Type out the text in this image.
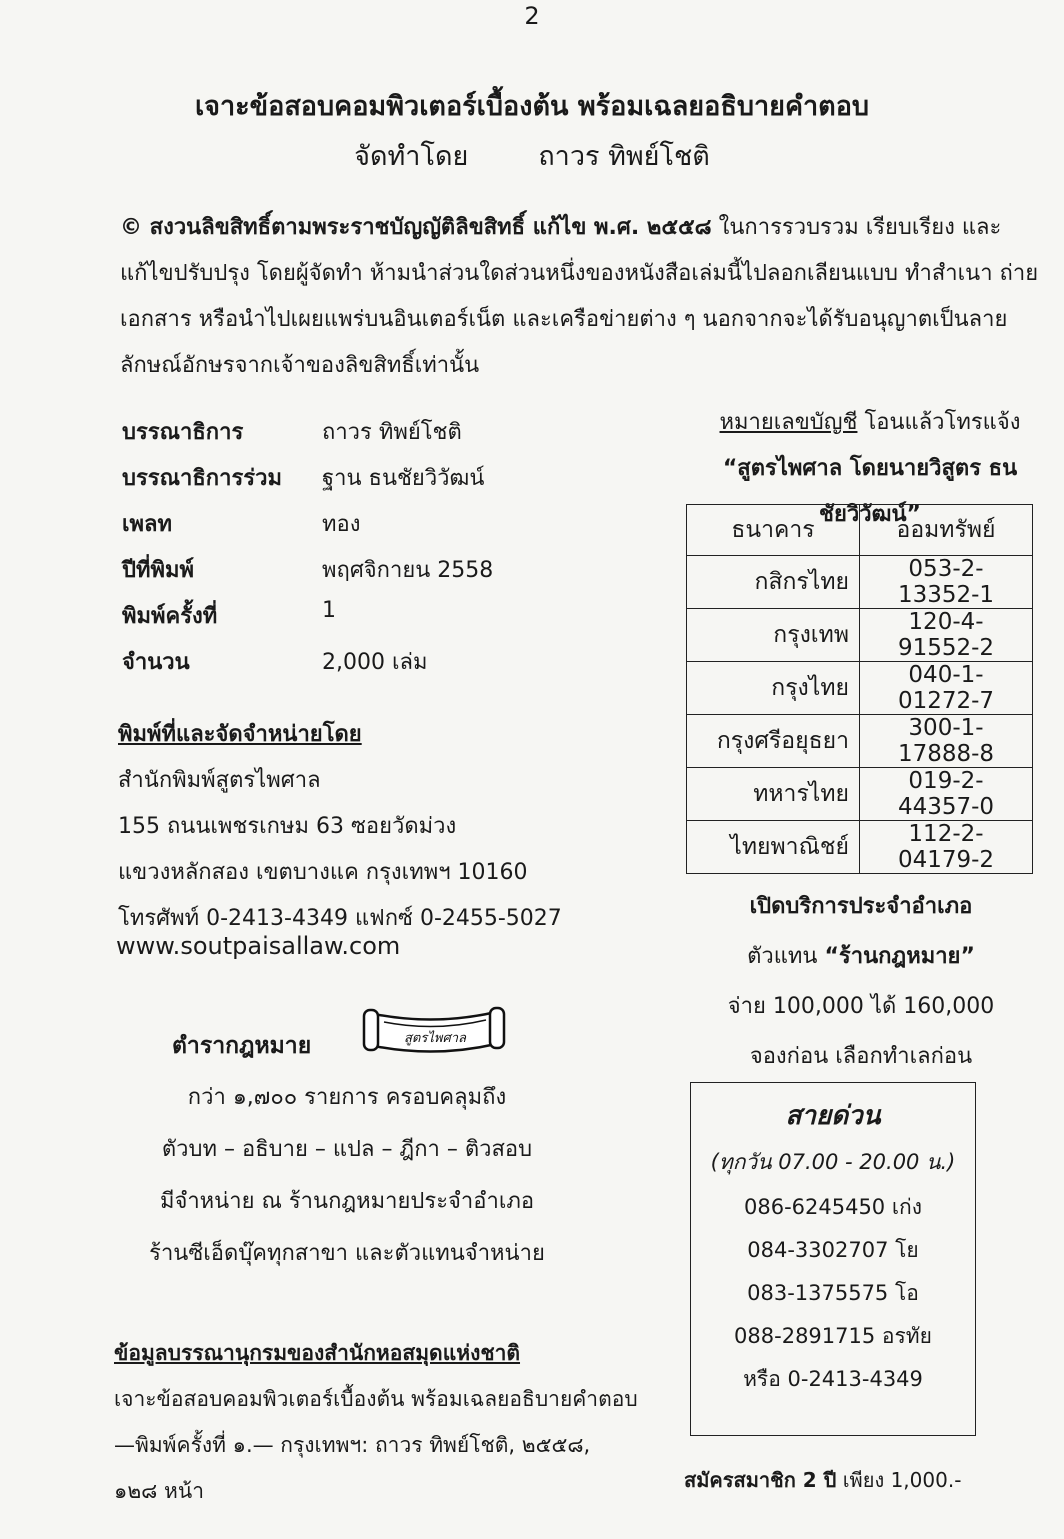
2
เจาะข้อสอบคอมพิวเตอร์เบื้องต้น พร้อมเฉลยอธิบายคำตอบ
จัดทำโดย	ถาวร ทิพย์โชติ
© สงวนลิขสิทธิ์ตามพระราชบัญญัติลิขสิทธิ์ แก้ไข พ.ศ. ๒๕๕๘ ในการรวบรวม เรียบเรียง และแก้ไขปรับปรุง โดยผู้จัดทำ ห้ามนำส่วนใดส่วนหนึ่งของหนังสือเล่มนี้ไปลอกเลียนแบบ ทำสำเนา ถ่ายเอกสาร หรือนำไปเผยแพร่บนอินเตอร์เน็ต และเครือข่ายต่าง ๆ นอกจากจะได้รับอนุญาตเป็นลายลักษณ์อักษรจากเจ้าของลิขสิทธิ์เท่านั้น
บรรณาธิการ	ถาวร ทิพย์โชติ
บรรณาธิการร่วม	ฐาน ธนชัยวิวัฒน์
เพลท	ทอง
ปีที่พิมพ์	พฤศจิกายน 2558
พิมพ์ครั้งที่	1
จำนวน	2,000 เล่ม
พิมพ์ที่และจัดจำหน่ายโดย
สำนักพิมพ์สูตรไพศาล
155 ถนนเพชรเกษม 63 ซอยวัดม่วง
แขวงหลักสอง เขตบางแค กรุงเทพฯ 10160
โทรศัพท์ 0-2413-4349 แฟกซ์ 0-2455-5027
www.soutpaisallaw.com
ตำรากฎหมาย
กว่า ๑,๗๐๐ รายการ ครอบคลุมถึง
ตัวบท – อธิบาย – แปล – ฎีกา – ติวสอบ
มีจำหน่าย ณ ร้านกฎหมายประจำอำเภอ
ร้านซีเอ็ดบุ๊คทุกสาขา และตัวแทนจำหน่าย
สูตรไพศาล
ข้อมูลบรรณานุกรมของสำนักหอสมุดแห่งชาติ
เจาะข้อสอบคอมพิวเตอร์เบื้องต้น พร้อมเฉลยอธิบายคำตอบ
—พิมพ์ครั้งที่ ๑.— กรุงเทพฯ: ถาวร ทิพย์โชติ, ๒๕๕๘,
๑๒๘ หน้า
หมายเลขบัญชี โอนแล้วโทรแจ้ง
“สูตรไพศาล โดยนายวิสูตร ธนชัยวิวัฒน์”
ธนาคาร	ออมทรัพย์
กสิกรไทย	053-2-13352-1
กรุงเทพ	120-4-91552-2
กรุงไทย	040-1-01272-7
กรุงศรีอยุธยา	300-1-17888-8
ทหารไทย	019-2-44357-0
ไทยพาณิชย์	112-2-04179-2
เปิดบริการประจำอำเภอ
ตัวแทน “ร้านกฎหมาย”
จ่าย 100,000 ได้ 160,000
จองก่อน เลือกทำเลก่อน
สายด่วน
(ทุกวัน 07.00 - 20.00 น.)
086-6245450 เก่ง
084-3302707 โย
083-1375575 โอ
088-2891715 อรทัย
หรือ 0-2413-4349
สมัครสมาชิก 2 ปี เพียง 1,000.-
